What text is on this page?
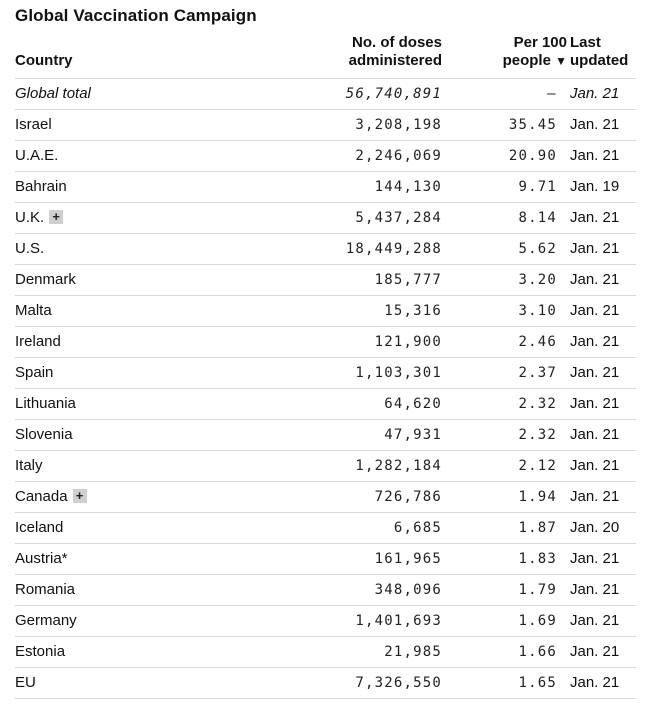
Global Vaccination Campaign
Country
No. of doses
administered
Per 100
people ▼
Last
updated
Global total	56,740,891	– Jan. 21
Israel	3,208,198	35.45 Jan. 21
U.A.E.	2,246,069	20.90 Jan. 21
Bahrain	144,130	9.71 Jan. 19
U.K. +	5,437,284	8.14 Jan. 21
U.S.	18,449,288	5.62 Jan. 21
Denmark	185,777	3.20 Jan. 21
Malta	15,316	3.10 Jan. 21
Ireland	121,900	2.46 Jan. 21
Spain	1,103,301	2.37 Jan. 21
Lithuania	64,620	2.32 Jan. 21
Slovenia	47,931	2.32 Jan. 21
Italy	1,282,184	2.12 Jan. 21
Canada +	726,786	1.94 Jan. 21
Iceland	6,685	1.87 Jan. 20
Austria*	161,965	1.83 Jan. 21
Romania	348,096	1.79 Jan. 21
Germany	1,401,693	1.69 Jan. 21
Estonia	21,985	1.66 Jan. 21
EU	7,326,550	1.65 Jan. 21
